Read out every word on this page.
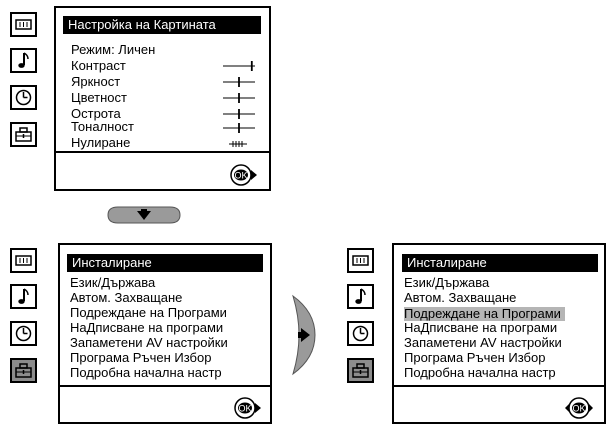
Настройка на Картината
Режим: Личен
Контраст
Яркност
Цветност
Острота
Тоналност
Нулиране
OK
Инсталиране
Език/Държава
Автом. Захващане
Подреждане на Програми
НаДписване на програми
Запаметени AV настройки
Програма Ръчен Избор
Подробна начална настр
OK
Инсталиране
Език/Държава
Автом. Захващане
Подреждане на Програми
НаДписване на програми
Запаметени AV настройки
Програма Ръчен Избор
Подробна начална настр
OK
